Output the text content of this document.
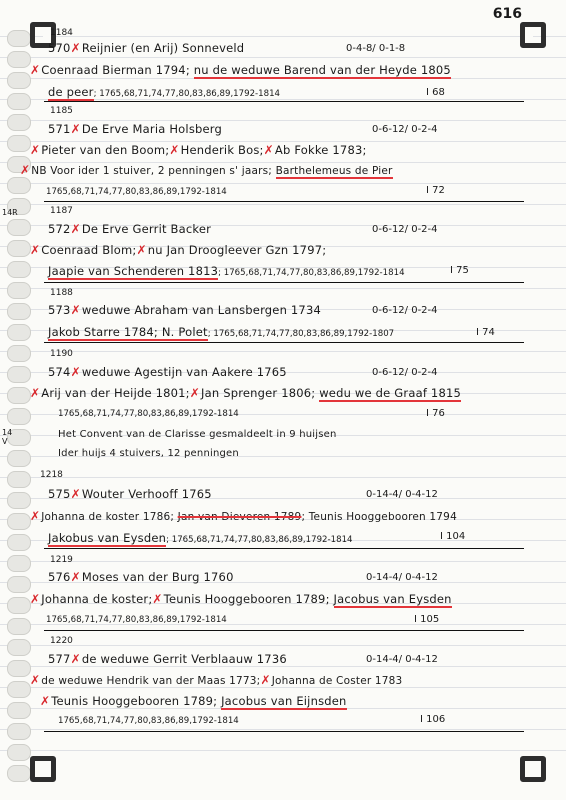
616
14R
14 V
1184
570✗Reijnier (en Arij) Sonneveld	0-4-8/ 0-1-8
✗Coenraad Bierman 1794; nu de weduwe Barend van der Heyde 1805
de peer; 1765,68,71,74,77,80,83,86,89,1792-1814	I 68
1185
571✗De Erve Maria Holsberg	0-6-12/ 0-2-4
✗Pieter van den Boom;✗Henderik Bos;✗Ab Fokke 1783;
✗NB Voor ider 1 stuiver, 2 penningen s' jaars; Barthelemeus de Pier
1765,68,71,74,77,80,83,86,89,1792-1814	I 72
1187
572✗De Erve Gerrit Backer	0-6-12/ 0-2-4
✗Coenraad Blom;✗nu Jan Droogleever Gzn 1797;
Jaapie van Schenderen 1813; 1765,68,71,74,77,80,83,86,89,1792-1814	I 75
1188
573✗weduwe Abraham van Lansbergen 1734	0-6-12/ 0-2-4
Jakob Starre 1784; N. Polet; 1765,68,71,74,77,80,83,86,89,1792-1807	I 74
1190
574✗weduwe Agestijn van Aakere 1765	0-6-12/ 0-2-4
✗Arij van der Heijde 1801;✗Jan Sprenger 1806; wedu we de Graaf 1815
1765,68,71,74,77,80,83,86,89,1792-1814	I 76
Het Convent van de Clarisse gesmaldeelt in 9 huijsen
Ider huijs 4 stuivers, 12 penningen
1218
575✗Wouter Verhooff 1765	0-14-4/ 0-4-12
✗Johanna de koster 1786; Jan van Dieveren 1789; Teunis Hooggebooren 1794
Jakobus van Eysden; 1765,68,71,74,77,80,83,86,89,1792-1814	I 104
1219
576✗Moses van der Burg 1760	0-14-4/ 0-4-12
✗Johanna de koster;✗Teunis Hooggebooren 1789; Jacobus van Eysden
1765,68,71,74,77,80,83,86,89,1792-1814	I 105
1220
577✗de weduwe Gerrit Verblaauw 1736	0-14-4/ 0-4-12
✗de weduwe Hendrik van der Maas 1773;✗Johanna de Coster 1783
✗Teunis Hooggebooren 1789; Jacobus van Eijnsden
1765,68,71,74,77,80,83,86,89,1792-1814	I 106
